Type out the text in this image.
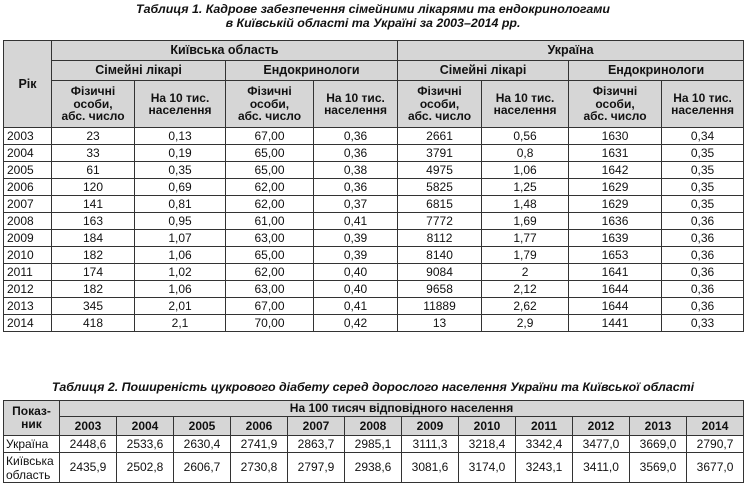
Таблиця 1. Кадрове забезпечення сімейними лікарями та ендокринологами
в Київській області та Україні за 2003–2014 рр.
Рік	Київська область				Україна			
	Сімейні лікарі		Ендокринологи		Сімейні лікарі		Ендокринологи	
	Фізичні
особи,
абс. число	На 10 тис.
населення	Фізичні
особи,
абс. число	На 10 тис.
населення	Фізичні
особи,
абс. число	На 10 тис.
населення	Фізичні
особи,
абс. число	На 10 тис.
населення
2003	23	0,13	67,00	0,36	2661	0,56	1630	0,34
2004	33	0,19	65,00	0,36	3791	0,8	1631	0,35
2005	61	0,35	65,00	0,38	4975	1,06	1642	0,35
2006	120	0,69	62,00	0,36	5825	1,25	1629	0,35
2007	141	0,81	62,00	0,37	6815	1,48	1629	0,35
2008	163	0,95	61,00	0,41	7772	1,69	1636	0,36
2009	184	1,07	63,00	0,39	8112	1,77	1639	0,36
2010	182	1,06	65,00	0,39	8140	1,79	1653	0,36
2011	174	1,02	62,00	0,40	9084	2	1641	0,36
2012	182	1,06	63,00	0,40	9658	2,12	1644	0,36
2013	345	2,01	67,00	0,41	11889	2,62	1644	0,36
2014	418	2,1	70,00	0,42	13	2,9	1441	0,33
Таблиця 2. Поширеність цукрового діабету серед дорослого населення України та Київської області
Показ-
ник	На 100 тисяч відповідного населення											
	2003	2004	2005	2006	2007	2008	2009	2010	2011	2012	2013	2014
Україна	2448,6	2533,6	2630,4	2741,9	2863,7	2985,1	3111,3	3218,4	3342,4	3477,0	3669,0	2790,7
Київська
область	2435,9	2502,8	2606,7	2730,8	2797,9	2938,6	3081,6	3174,0	3243,1	3411,0	3569,0	3677,0
